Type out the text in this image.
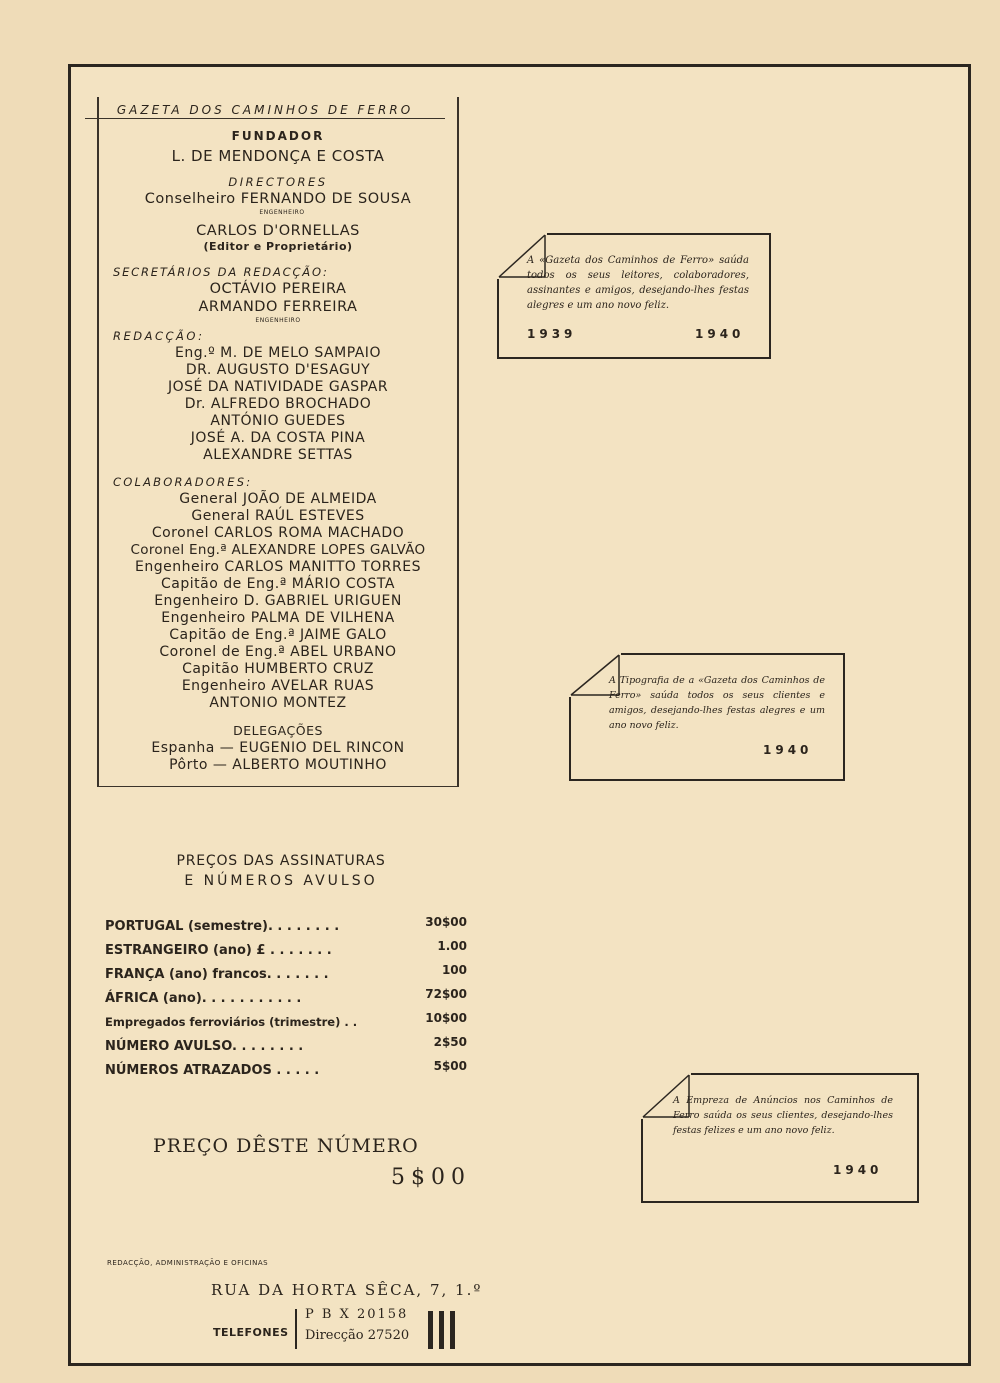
GAZETA DOS CAMINHOS DE FERRO
FUNDADOR
L. DE MENDONÇA E COSTA
DIRECTORES
Conselheiro FERNANDO DE SOUSA
ENGENHEIRO
CARLOS D'ORNELLAS
(Editor e Proprietário)
SECRETÁRIOS DA REDACÇÃO:
OCTÁVIO PEREIRA
ARMANDO FERREIRA
ENGENHEIRO
REDACÇÃO:
Eng.º M. DE MELO SAMPAIO
DR. AUGUSTO D'ESAGUY
JOSÉ DA NATIVIDADE GASPAR
Dr. ALFREDO BROCHADO
ANTÓNIO GUEDES
JOSÉ A. DA COSTA PINA
ALEXANDRE SETTAS
COLABORADORES:
General JOÃO DE ALMEIDA
General RAÚL ESTEVES
Coronel CARLOS ROMA MACHADO
Coronel Eng.ª ALEXANDRE LOPES GALVÃO
Engenheiro CARLOS MANITTO TORRES
Capitão de Eng.ª MÁRIO COSTA
Engenheiro D. GABRIEL URIGUEN
Engenheiro PALMA DE VILHENA
Capitão de Eng.ª JAIME GALO
Coronel de Eng.ª ABEL URBANO
Capitão HUMBERTO CRUZ
Engenheiro AVELAR RUAS
ANTONIO MONTEZ
DELEGAÇÕES
Espanha — EUGENIO DEL RINCON
Pôrto — ALBERTO MOUTINHO
A «Gazeta dos Caminhos de Ferro» saúda todos os seus leitores, colaboradores, assinantes e amigos, desejando-lhes festas alegres e um ano novo feliz.
1939	1940
A Tipografia de a «Gazeta dos Caminhos de Ferro» saúda todos os seus clientes e amigos, desejando-lhes festas alegres e um ano novo feliz.
1940
A Empreza de Anúncios nos Caminhos de Ferro saúda os seus clientes, desejando-lhes festas felizes e um ano novo feliz.
1940
PREÇOS DAS ASSINATURAS
E NÚMEROS AVULSO
PORTUGAL (semestre). . . . . . . .	30$00
ESTRANGEIRO (ano) £ . . . . . . .	1.00
FRANÇA (ano) francos. . . . . . .	100
ÁFRICA (ano). . . . . . . . . . .	72$00
Empregados ferroviários (trimestre) . .	10$00
NÚMERO AVULSO. . . . . . . .	2$50
NÚMEROS ATRAZADOS . . . . .	5$00
PREÇO DÊSTE NÚMERO
5$00
REDACÇÃO, ADMINISTRAÇÃO E OFICINAS
RUA DA HORTA SÊCA, 7, 1.º
TELEFONES
P B X 20158
Direcção 27520
